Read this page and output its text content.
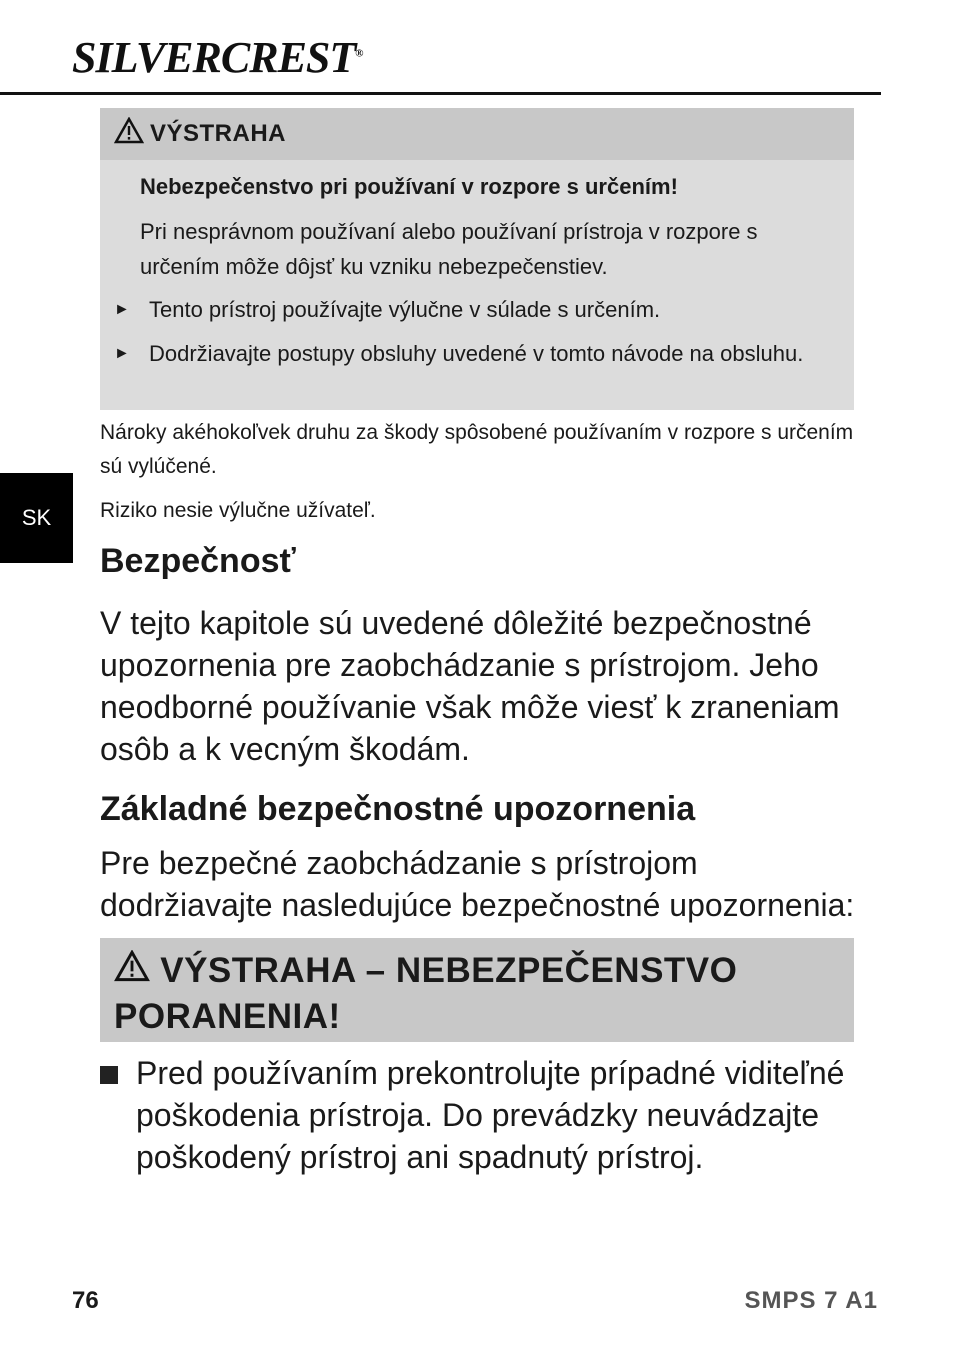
SILVERCREST®
SK
VÝSTRAHA
Nebezpečenstvo pri používaní v rozpore s určením!
Pri nesprávnom používaní alebo používaní prístroja v rozpore s určením môže dôjsť ku vzniku nebezpečenstiev.
► Tento prístroj používajte výlučne v súlade s určením.
► Dodržiavajte postupy obsluhy uvedené v tomto návode na obsluhu.
Nároky akéhokoľvek druhu za škody spôsobené používaním v rozpore s určením sú vylúčené.
Riziko nesie výlučne užívateľ.
Bezpečnosť
V tejto kapitole sú uvedené dôležité bezpečnostné upozornenia pre zaobchádzanie s prístrojom. Jeho neodborné používanie však môže viesť k zraneniam osôb a k vecným škodám.
Základné bezpečnostné upozornenia
Pre bezpečné zaobchádzanie s prístrojom dodržiavajte nasledujúce bezpečnostné upozornenia:
VÝSTRAHA – NEBEZPEČENSTVO PORANENIA!
Pred používaním prekontrolujte prípadné viditeľné poškodenia prístroja. Do prevádzky neuvádzajte poškodený prístroj ani spadnutý prístroj.
76	SMPS 7 A1
